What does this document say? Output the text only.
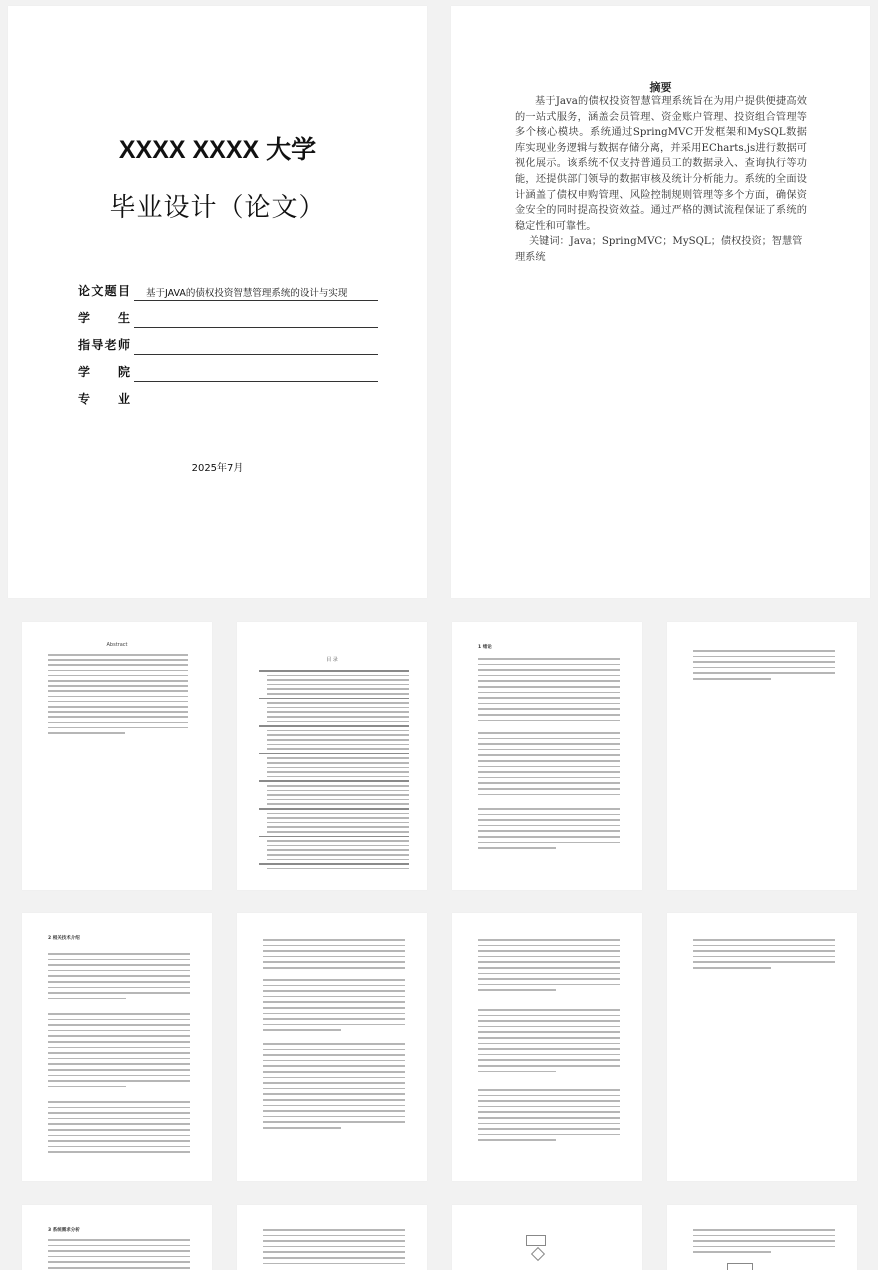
XXXX XXXX 大学
毕业设计（论文）
论文题目 基于JAVA的债权投资智慧管理系统的设计与实现
学生
指导老师
学院
专业
2025年7月
摘要
基于Java的债权投资智慧管理系统旨在为用户提供便捷高效的一站式服务，涵盖会员管理、资金账户管理、投资组合管理等多个核心模块。系统通过SpringMVC开发框架和MySQL数据库实现业务逻辑与数据存储分离，并采用ECharts.js进行数据可视化展示。该系统不仅支持普通员工的数据录入、查询执行等功能，还提供部门领导的数据审核及统计分析能力。系统的全面设计涵盖了债权申购管理、风险控制规则管理等多个方面，确保资金安全的同时提高投资效益。通过严格的测试流程保证了系统的稳定性和可靠性。
关键词：Java；SpringMVC；MySQL；债权投资；智慧管理系统
Abstract
目 录
1 绪论
2 相关技术介绍
3 系统需求分析
